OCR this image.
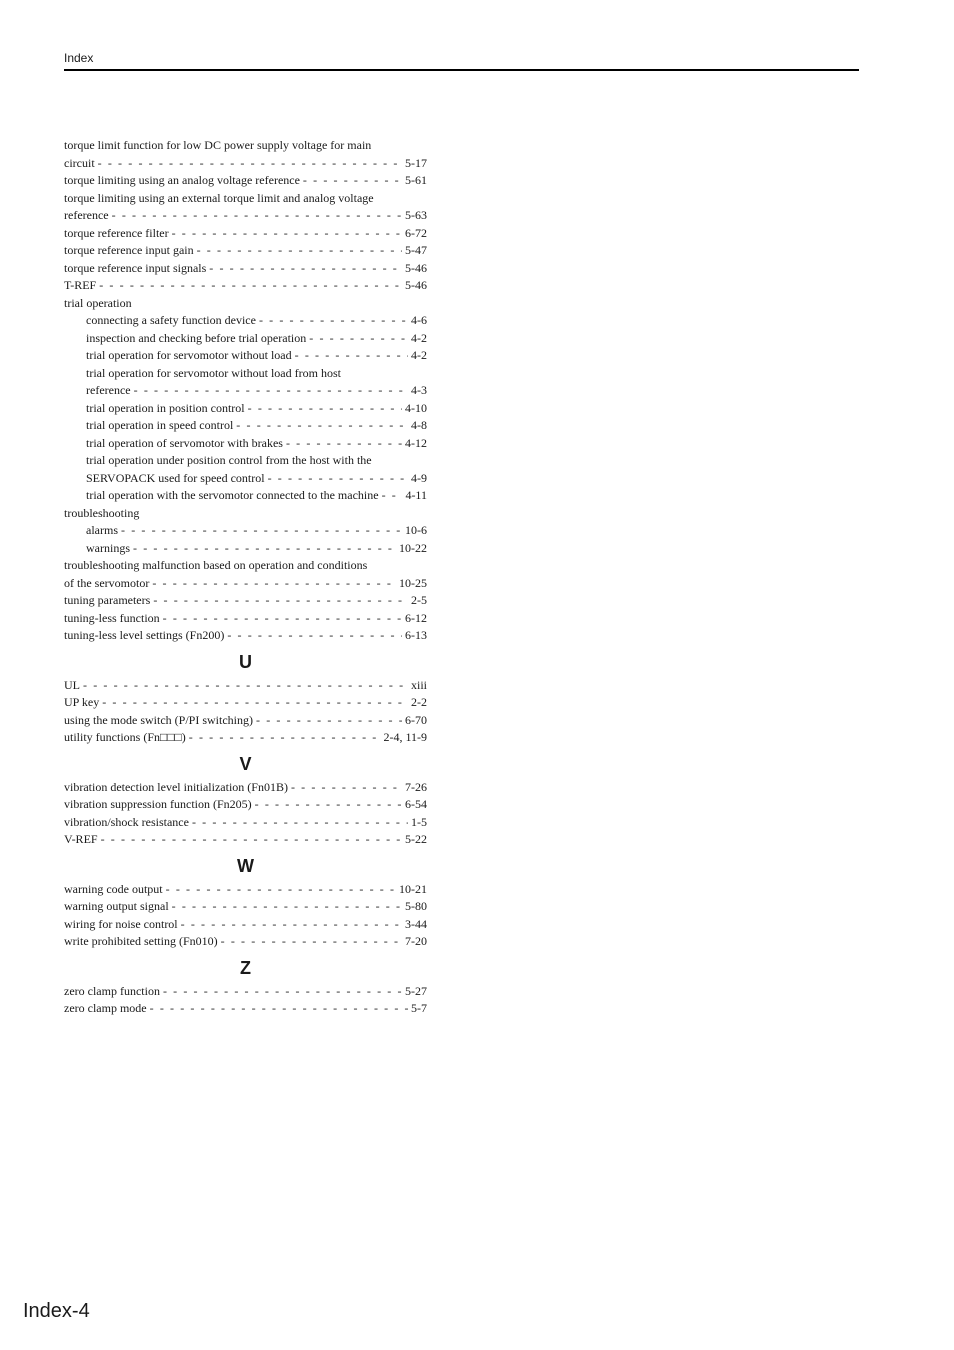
Index
torque limit function for low DC power supply voltage for main
circuit - - -	5-17
torque limiting using an analog voltage reference - - -	5-61
torque limiting using an external torque limit and analog voltage
reference - - -	5-63
torque reference filter - - -	6-72
torque reference input gain - - -	5-47
torque reference input signals - - -	5-46
T-REF - - -	5-46
trial operation
connecting a safety function device - - -	4-6
inspection and checking before trial operation - - -	4-2
trial operation for servomotor without load - - -	4-2
trial operation for servomotor without load from host
reference - - -	4-3
trial operation in position control - - -	4-10
trial operation in speed control - - -	4-8
trial operation of servomotor with brakes - - -	4-12
trial operation under position control from the host with the
SERVOPACK used for speed control - - -	4-9
trial operation with the servomotor connected to the machine - - - 4-11
troubleshooting
alarms - - -	10-6
warnings - - -	10-22
troubleshooting malfunction based on operation and conditions
of the servomotor - - -	10-25
tuning parameters - - -	2-5
tuning-less function - - -	6-12
tuning-less level settings (Fn200) - - -	6-13
U
UL - - -	xiii
UP key - - -	2-2
using the mode switch (P/PI switching) - - -	6-70
utility functions (Fn□□□) - - -	2-4, 11-9
V
vibration detection level initialization (Fn01B) - - -	7-26
vibration suppression function (Fn205) - - -	6-54
vibration/shock resistance - - -	1-5
V-REF - - -	5-22
W
warning code output - - -	10-21
warning output signal - - -	5-80
wiring for noise control - - -	3-44
write prohibited setting (Fn010) - - -	7-20
Z
zero clamp function - - -	5-27
zero clamp mode - - -	5-7
Index-4
